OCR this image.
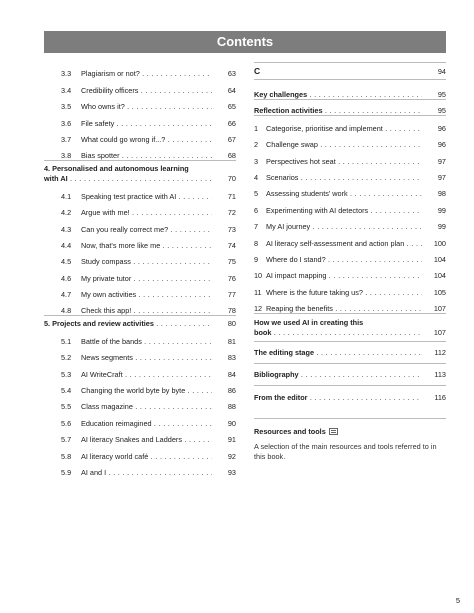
Contents
3.3	Plagiarism or not? . . .	63
3.4	Credibility officers . . .	64
3.5	Who owns it? . . .	65
3.6	File safety . . .	66
3.7	What could go wrong if...? . . .	67
3.8	Bias spotter . . .	68
4. Personalised and autonomous learning
with AI . . .	70
4.1	Speaking test practice with AI . . .	71
4.2	Argue with me! . . .	72
4.3	Can you really correct me? . . .	73
4.4	Now, that's more like me . . .	74
4.5	Study compass . . .	75
4.6	My private tutor . . .	76
4.7	My own activities . . .	77
4.8	Check this app! . . .	78
5. Projects and review activities . . .	80
5.1	Battle of the bands . . .	81
5.2	News segments . . .	83
5.3	AI WriteCraft . . .	84
5.4	Changing the world byte by byte . . .	86
5.5	Class magazine . . .	88
5.6	Education reimagined . . .	90
5.7	AI literacy Snakes and Ladders . . .	91
5.8	AI literacy world café . . .	92
5.9	AI and I . . .	93
C	94
Key challenges . . .	95
Reflection activities . . .	95
1	Categorise, prioritise and implement . . .	96
2	Challenge swap . . .	96
3	Perspectives hot seat . . .	97
4	Scenarios . . .	97
5	Assessing students' work . . .	98
6	Experimenting with AI detectors . . .	99
7	My AI journey . . .	99
8	AI literacy self-assessment and action plan . . .	100
9	Where do I stand? . . .	104
10 AI impact mapping . . .	104
11 Where is the future taking us? . . .	105
12 Reaping the benefits . . .	107
How we used AI in creating this
book . . .	107
The editing stage . . .	112
Bibliography . . .	113
From the editor . . .	116
Resources and tools
A selection of the main resources and tools referred to in this book.
5
